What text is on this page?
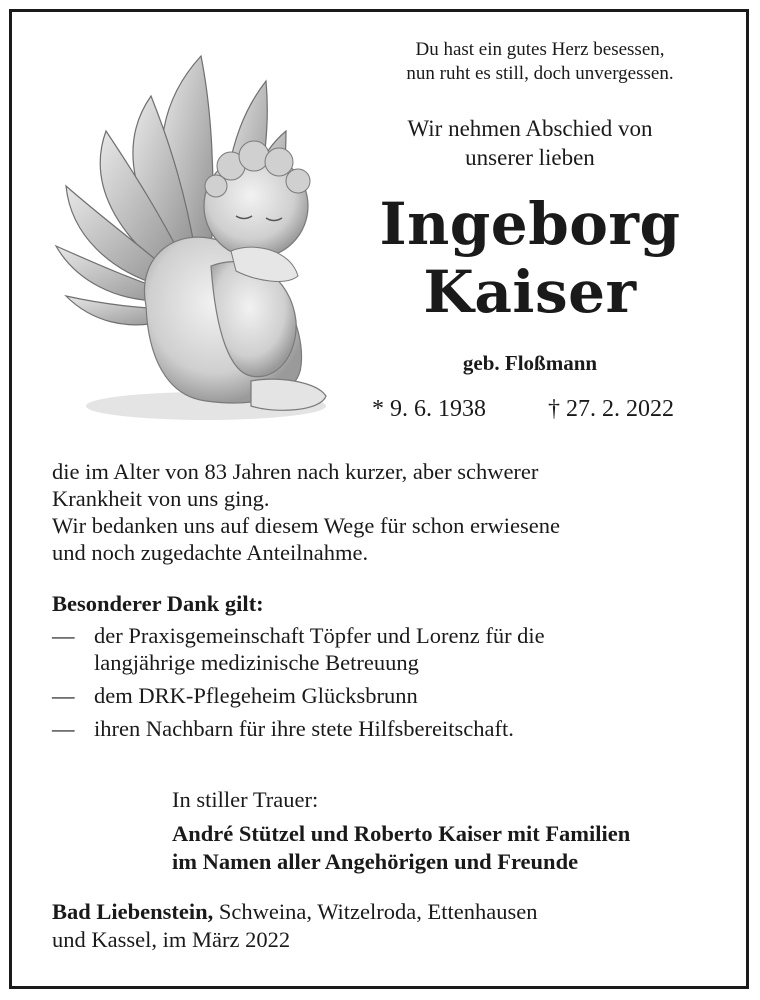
Du hast ein gutes Herz besessen,
nun ruht es still, doch unvergessen.
Wir nehmen Abschied von
unserer lieben
Ingeborg
Kaiser
geb. Floßmann
* 9. 6. 1938	† 27. 2. 2022

die im Alter von 83 Jahren nach kurzer, aber schwerer
Krankheit von uns ging.

Wir bedanken uns auf diesem Wege für schon erwiesene
und noch zugedachte Anteilnahme.

Besonderer Dank gilt:
— der Praxisgemeinschaft Töpfer und Lorenz für die
langjährige medizinische Betreuung
— dem DRK-Pflegeheim Glücksbrunn
— ihren Nachbarn für ihre stete Hilfsbereitschaft.
In stiller Trauer:
André Stützel und Roberto Kaiser mit Familien
im Namen aller Angehörigen und Freunde
Bad Liebenstein, Schweina, Witzelroda, Ettenhausen
und Kassel, im März 2022
